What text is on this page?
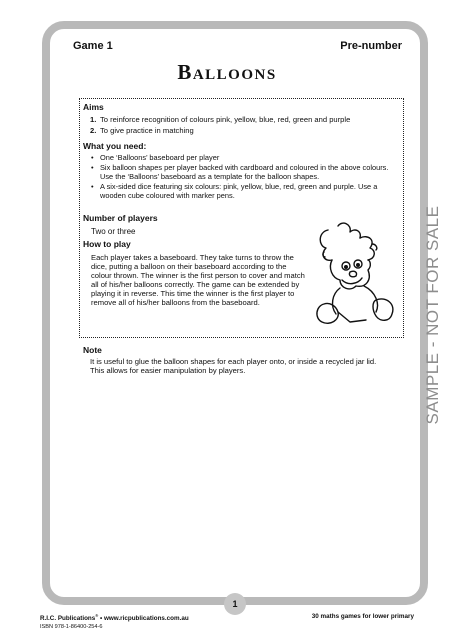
Game 1	Pre-number
Balloons
Aims
1. To reinforce recognition of colours pink, yellow, blue, red, green and purple
2. To give practice in matching
What you need:
• One ‘Balloons’ baseboard per player
• Six balloon shapes per player backed with cardboard and coloured in the above colours. Use the ‘Balloons’ baseboard as a template for the balloon shapes.
• A six-sided dice featuring six colours: pink, yellow, blue, red, green and purple. Use a wooden cube coloured with marker pens.
Number of players
Two or three
How to play
Each player takes a baseboard. They take turns to throw the dice, putting a balloon on their baseboard according to the colour thrown. The winner is the first person to cover and match all of his/her balloons correctly. The game can be extended by playing it in reverse. This time the winner is the first player to remove all of his/her balloons from the baseboard.
Note
It is useful to glue the balloon shapes for each player onto, or inside a recycled jar lid. This allows for easier manipulation by players.	SAMPLE - NOT FOR SALE
1
R.I.C. Publications® • www.ricpublications.com.au	30 maths games for lower primary
ISBN 978-1-86400-254-6
